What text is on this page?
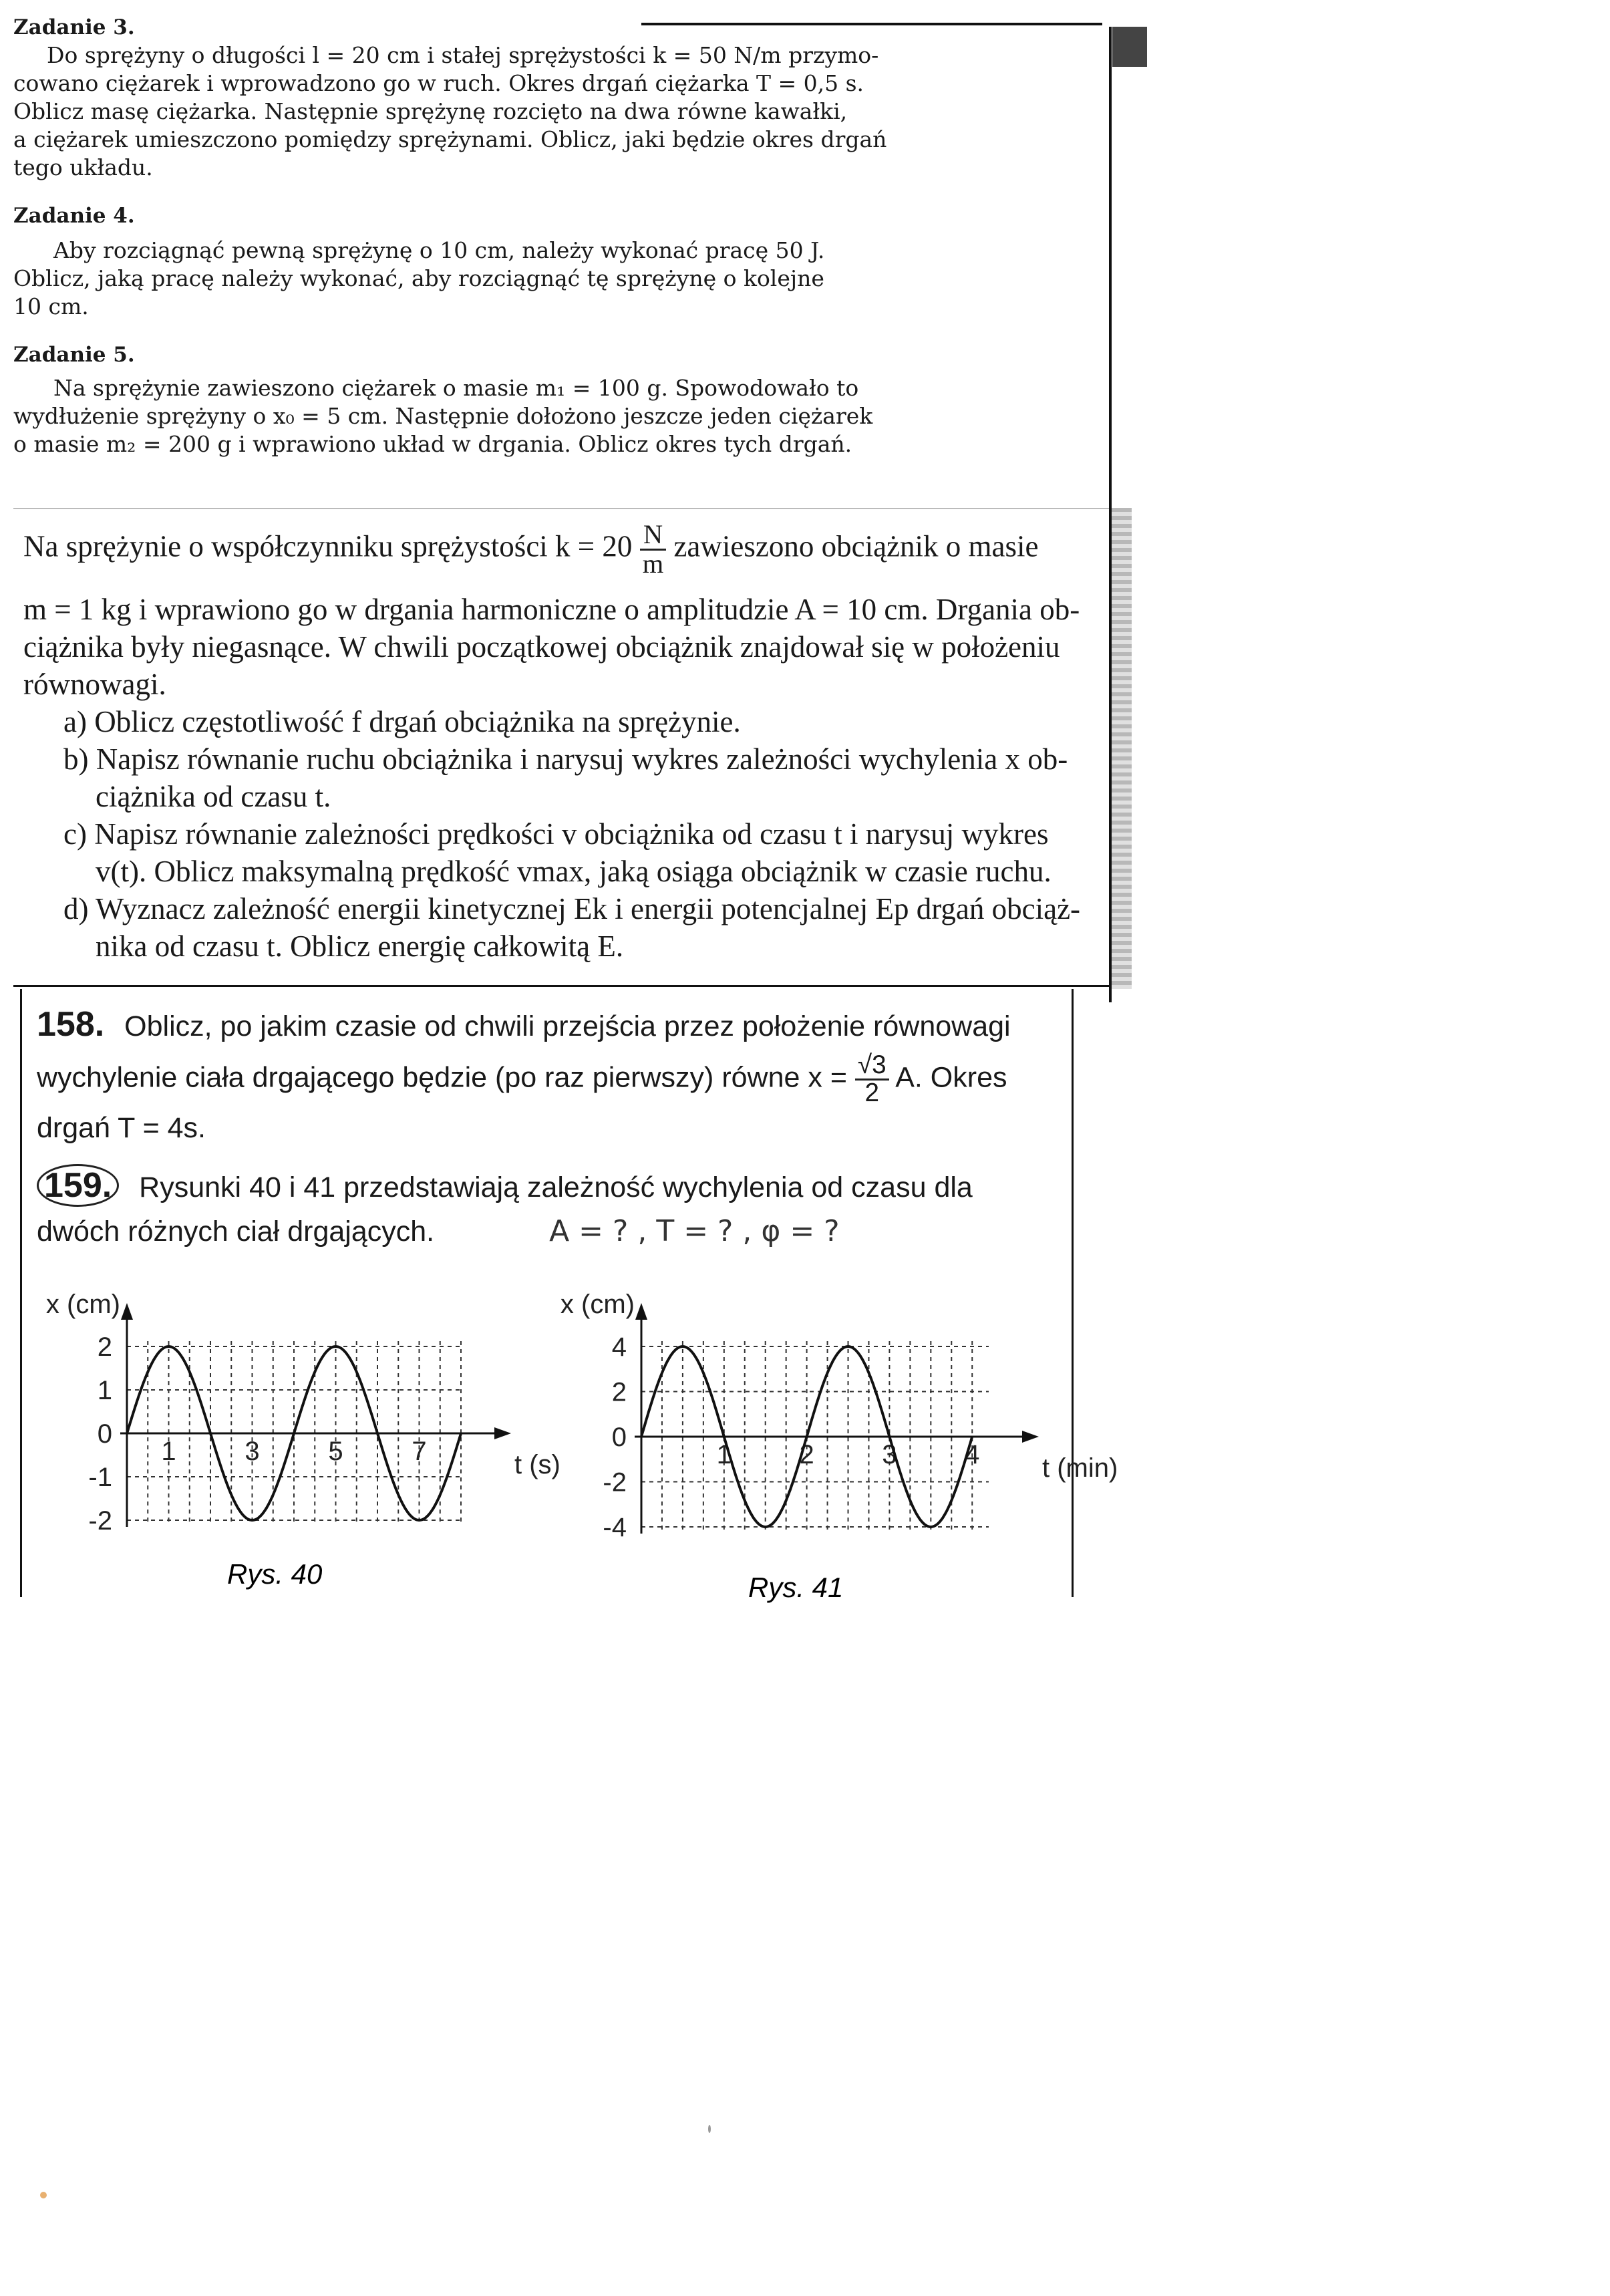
Zadanie 3.
Do sprężyny o długości l = 20 cm i stałej sprężystości k = 50 N/m przymo-
cowano ciężarek i wprowadzono go w ruch. Okres drgań ciężarka T = 0,5 s.
Oblicz masę ciężarka. Następnie sprężynę rozcięto na dwa równe kawałki,
a ciężarek umieszczono pomiędzy sprężynami. Oblicz, jaki będzie okres drgań
tego układu.
Zadanie 4.
Aby rozciągnąć pewną sprężynę o 10 cm, należy wykonać pracę 50 J.
Oblicz, jaką pracę należy wykonać, aby rozciągnąć tę sprężynę o kolejne
10 cm.
Zadanie 5.
Na sprężynie zawieszono ciężarek o masie m₁ = 100 g. Spowodowało to
wydłużenie sprężyny o x₀ = 5 cm. Następnie dołożono jeszcze jeden ciężarek
o masie m₂ = 200 g i wprawiono układ w drgania. Oblicz okres tych drgań.
Na sprężynie o współczynniku sprężystości $k = 20 \frac{N}{m}$ zawieszono obciążnik o masie
m = 1 kg i wprawiono go w drgania harmoniczne o amplitudzie A = 10 cm. Drgania ob-
ciążnika były niegasnące. W chwili początkowej obciążnik znajdował się w położeniu
równowagi.
a) Oblicz częstotliwość f drgań obciążnika na sprężynie.
b) Napisz równanie ruchu obciążnika i narysuj wykres zależności wychylenia x ob-
ciążnika od czasu t.
c) Napisz równanie zależności prędkości v obciążnika od czasu t i narysuj wykres
v(t). Oblicz maksymalną prędkość vmax, jaką osiąga obciążnik w czasie ruchu.
d) Wyznacz zależność energii kinetycznej Ek i energii potencjalnej Ep drgań obciąż-
nika od czasu t. Oblicz energię całkowitą E.
158. Oblicz, po jakim czasie od chwili przejścia przez położenie równowagi
wychylenie ciała drgającego będzie (po raz pierwszy) równe $x = \frac{√3}{2} A$. Okres
drgań T = 4s.
159. Rysunki 40 i 41 przedstawiają zależność wychylenia od czasu dla
dwóch różnych ciał drgających.	A = ? , T = ? , φ = ?
-2
-1
0
1
2
1	3	5	7
x (cm)
t (s)
Rys. 40
-4
-2
0
2
4
1	2	3	4
x (cm)
t (min)
Rys. 41
